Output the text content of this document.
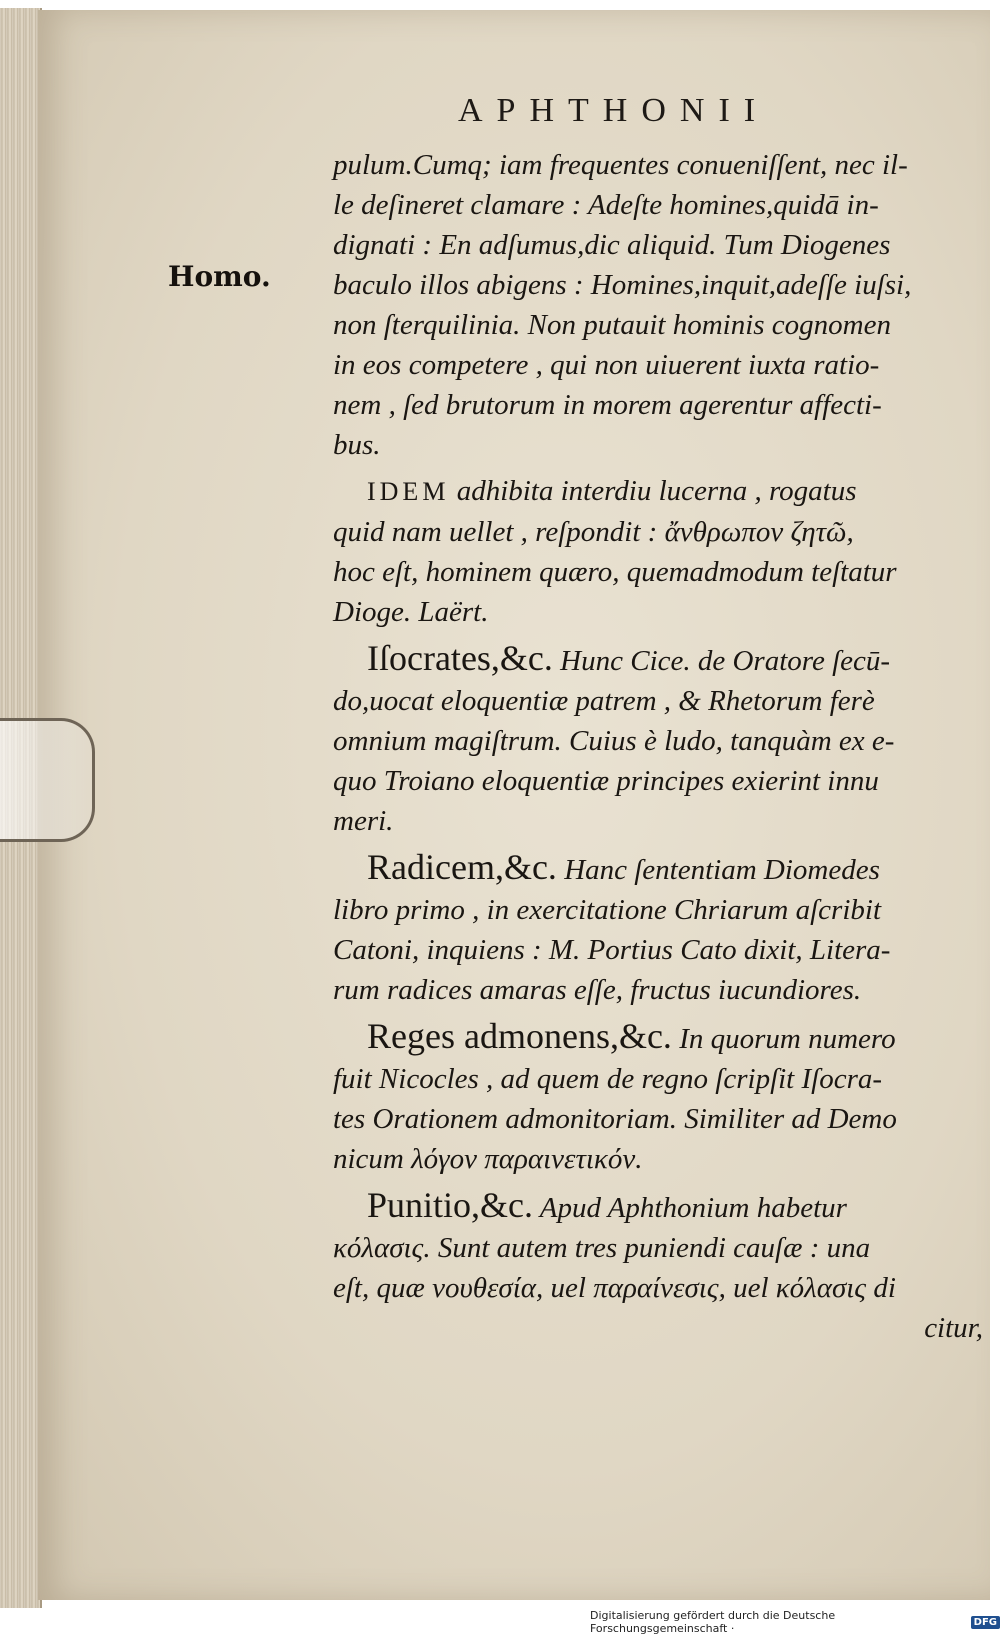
APHTHONII
Homo.
pulum.Cumq; iam frequentes conueniſſent, nec il-
le deſineret clamare : Adeſte homines,quidā in-
dignati : En adſumus,dic aliquid. Tum Diogenes
baculo illos abigens : Homines,inquit,adeſſe iuſsi,
non ſterquilinia. Non putauit hominis cognomen
in eos competere , qui non uiuerent iuxta ratio-
nem , ſed brutorum in morem agerentur affecti-
bus.
IDEM adhibita interdiu lucerna , rogatus
quid nam uellet , reſpondit : ἄνθρωπον ζητῶ,
hoc eſt, hominem quæro, quemadmodum teſtatur
Dioge. Laërt.
Iſocrates,&c. Hunc Cice. de Oratore ſecū-
do,uocat eloquentiæ patrem , & Rhetorum ferè
omnium magiſtrum. Cuius è ludo, tanquàm ex e-
quo Troiano eloquentiæ principes exierint innu
meri.
Radicem,&c. Hanc ſententiam Diomedes
libro primo , in exercitatione Chriarum aſcribit
Catoni, inquiens : M. Portius Cato dixit, Litera-
rum radices amaras eſſe, fructus iucundiores.
Reges admonens,&c. In quorum numero
fuit Nicocles , ad quem de regno ſcripſit Iſocra-
tes Orationem admonitoriam. Similiter ad Demo
nicum λόγον παραινετικόν.
Punitio,&c. Apud Aphthonium habetur
κόλασις. Sunt autem tres puniendi cauſæ : una
eſt, quæ νουθεσία, uel παραίνεσις, uel κόλασις di
citur,
Digitalisierung gefördert durch die Deutsche Forschungsgemeinschaft ·	DFG
